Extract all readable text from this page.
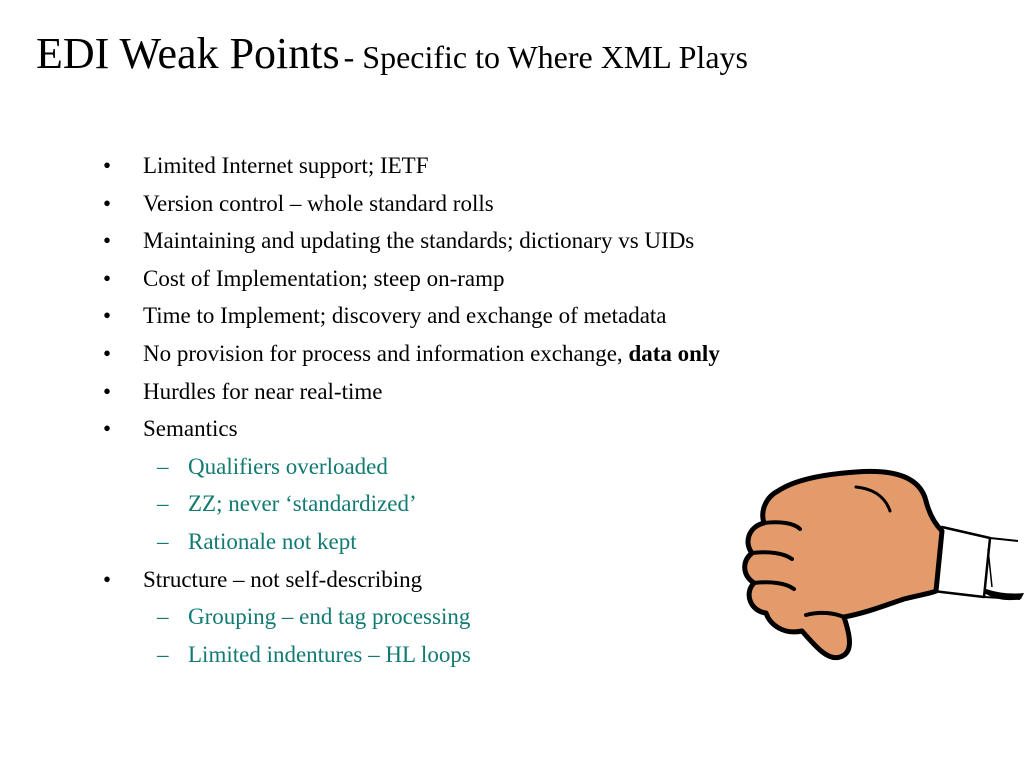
EDI Weak Points - Specific to Where XML Plays
• Limited Internet support; IETF
• Version control – whole standard rolls
• Maintaining and updating the standards; dictionary vs UIDs
• Cost of Implementation; steep on-ramp
• Time to Implement; discovery and exchange of metadata
• No provision for process and information exchange, data only
• Hurdles for near real-time
• Semantics
– Qualifiers overloaded
– ZZ; never ‘standardized’
– Rationale not kept
• Structure – not self-describing
– Grouping – end tag processing
– Limited indentures – HL loops
